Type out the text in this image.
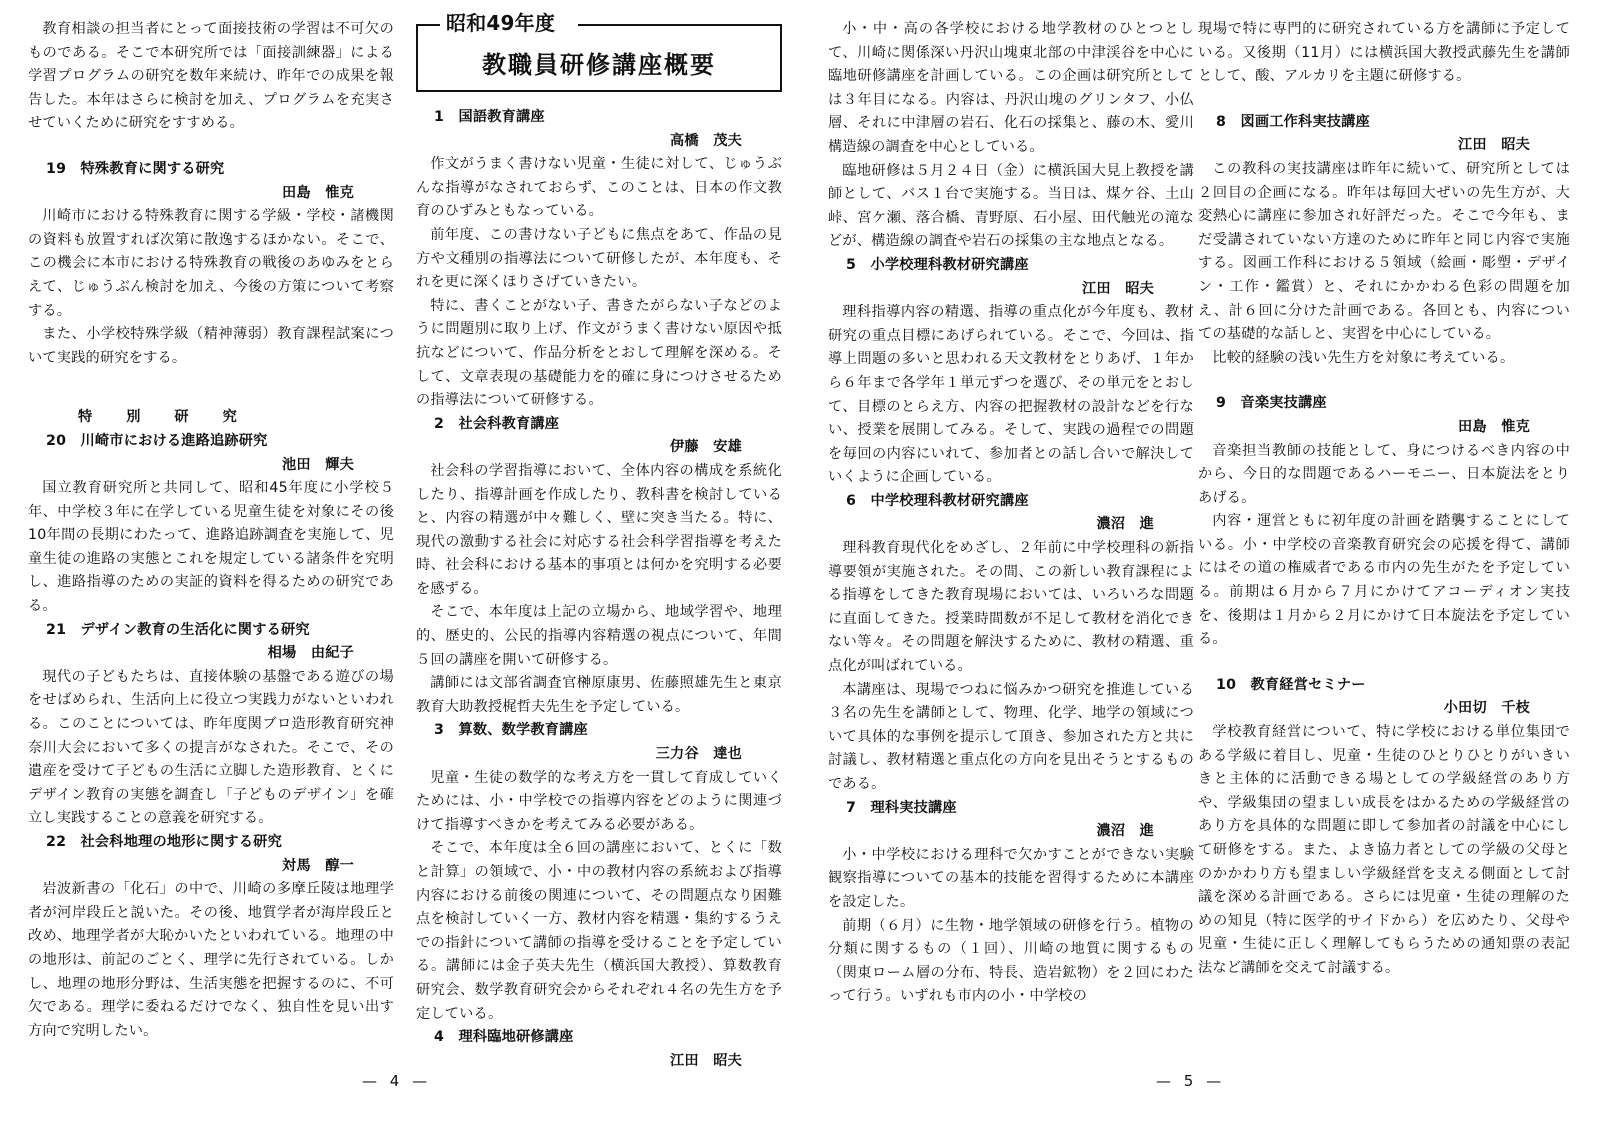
教育相談の担当者にとって面接技術の学習は不可欠のものである。そこで本研究所では「面接訓練器」による学習プログラムの研究を数年来続け、昨年での成果を報告した。本年はさらに検討を加え、プログラムを充実させていくために研究をすすめる。

19　特殊教育に関する研究

田島　惟克

川崎市における特殊教育に関する学級・学校・諸機関の資料も放置すれば次第に散逸するほかない。そこで、この機会に本市における特殊教育の戦後のあゆみをとらえて、じゅうぶん検討を加え、今後の方策について考察する。

また、小学校特殊学級（精神薄弱）教育課程試案について実践的研究をする。

特別研究

20　川崎市における進路追跡研究

池田　輝夫

国立教育研究所と共同して、昭和45年度に小学校５年、中学校３年に在学している児童生徒を対象にその後10年間の長期にわたって、進路追跡調査を実施して、児童生徒の進路の実態とこれを規定している諸条件を究明し、進路指導のための実証的資料を得るための研究である。

21　デザイン教育の生活化に関する研究

相場　由紀子

現代の子どもたちは、直接体験の基盤である遊びの場をせばめられ、生活向上に役立つ実践力がないといわれる。このことについては、昨年度関ブロ造形教育研究神奈川大会において多くの提言がなされた。そこで、その遺産を受けて子どもの生活に立脚した造形教育、とくにデザイン教育の実態を調査し「子どものデザイン」を確立し実践することの意義を研究する。

22　社会科地理の地形に関する研究

対馬　醇一

岩波新書の「化石」の中で、川崎の多摩丘陵は地理学者が河岸段丘と説いた。その後、地質学者が海岸段丘と改め、地理学者が大恥かいたといわれている。地理の中の地形は、前記のごとく、理学に先行されている。しかし、地理の地形分野は、生活実態を把握するのに、不可欠である。理学に委ねるだけでなく、独自性を見い出す方向で究明したい。

昭和49年度
教職員研修講座概要

1　国語教育講座

高橋　茂夫

作文がうまく書けない児童・生徒に対して、じゅうぶんな指導がなされておらず、このことは、日本の作文教育のひずみともなっている。

前年度、この書けない子どもに焦点をあて、作品の見方や文種別の指導法について研修したが、本年度も、それを更に深くほりさげていきたい。

特に、書くことがない子、書きたがらない子などのように問題別に取り上げ、作文がうまく書けない原因や抵抗などについて、作品分析をとおして理解を深める。そして、文章表現の基礎能力を的確に身につけさせるための指導法について研修する。

2　社会科教育講座

伊藤　安雄

社会科の学習指導において、全体内容の構成を系統化したり、指導計画を作成したり、教科書を検討していると、内容の精選が中々難しく、壁に突き当たる。特に、現代の激動する社会に対応する社会科学習指導を考えた時、社会科における基本的事項とは何かを究明する必要を感ずる。

そこで、本年度は上記の立場から、地域学習や、地理的、歴史的、公民的指導内容精選の視点について、年間５回の講座を開いて研修する。

講師には文部省調査官榊原康男、佐藤照雄先生と東京教育大助教授梶哲夫先生を予定している。

3　算数、数学教育講座

三力谷　達也

児童・生徒の数学的な考え方を一貫して育成していくためには、小・中学校での指導内容をどのように関連づけて指導すべきかを考えてみる必要がある。

そこで、本年度は全６回の講座において、とくに「数と計算」の領域で、小・中の教材内容の系統および指導内容における前後の関連について、その問題点なり困難点を検討していく一方、教材内容を精選・集約するうえでの指針について講師の指導を受けることを予定している。講師には金子英夫先生（横浜国大教授）、算数教育研究会、数学教育研究会からそれぞれ４名の先生方を予定している。

4　理科臨地研修講座

江田　昭夫

— 4 —

小・中・高の各学校における地学教材のひとつとして、川崎に関係深い丹沢山塊東北部の中津渓谷を中心に臨地研修講座を計画している。この企画は研究所としては３年目になる。内容は、丹沢山塊のグリンタフ、小仏層、それに中津層の岩石、化石の採集と、藤の木、愛川構造線の調査を中心としている。

臨地研修は５月２４日（金）に横浜国大見上教授を講師として、バス１台で実施する。当日は、煤ケ谷、土山峠、宮ケ瀬、落合橋、青野原、石小屋、田代触光の滝などが、構造線の調査や岩石の採集の主な地点となる。

5　小学校理科教材研究講座

江田　昭夫

理科指導内容の精選、指導の重点化が今年度も、教材研究の重点目標にあげられている。そこで、今回は、指導上問題の多いと思われる天文教材をとりあげ、１年から６年まで各学年１単元ずつを選び、その単元をとおして、目標のとらえ方、内容の把握教材の設計などを行ない、授業を展開してみる。そして、実践の過程での問題を毎回の内容にいれて、参加者との話し合いで解決していくように企画している。

6　中学校理科教材研究講座

濃沼　進

理科教育現代化をめざし、２年前に中学校理科の新指導要領が実施された。その間、この新しい教育課程による指導をしてきた教育現場においては、いろいろな問題に直面してきた。授業時間数が不足して教材を消化できない等々。その問題を解決するために、教材の精選、重点化が叫ばれている。

本講座は、現場でつねに悩みかつ研究を推進している３名の先生を講師として、物理、化学、地学の領域について具体的な事例を提示して頂き、参加された方と共に討議し、教材精選と重点化の方向を見出そうとするものである。

7　理科実技講座

濃沼　進

小・中学校における理科で欠かすことができない実験観察指導についての基本的技能を習得するために本講座を設定した。

前期（６月）に生物・地学領域の研修を行う。植物の分類に関するもの（１回）、川崎の地質に関するもの（関東ローム層の分布、特長、造岩鉱物）を２回にわたって行う。いずれも市内の小・中学校の

現場で特に専門的に研究されている方を講師に予定している。又後期（11月）には横浜国大教授武藤先生を講師として、酸、アルカリを主題に研修する。

8　図画工作科実技講座

江田　昭夫

この教科の実技講座は昨年に続いて、研究所としては２回目の企画になる。昨年は毎回大ぜいの先生方が、大変熱心に講座に参加され好評だった。そこで今年も、まだ受講されていない方達のために昨年と同じ内容で実施する。図画工作科における５領域（絵画・彫塑・デザイン・工作・鑑賞）と、それにかかわる色彩の問題を加え、計６回に分けた計画である。各回とも、内容についての基礎的な話しと、実習を中心にしている。

比較的経験の浅い先生方を対象に考えている。

9　音楽実技講座

田島　惟克

音楽担当教師の技能として、身につけるべき内容の中から、今日的な問題であるハーモニー、日本旋法をとりあげる。

内容・運営ともに初年度の計画を踏襲することにしている。小・中学校の音楽教育研究会の応援を得て、講師にはその道の権威者である市内の先生がたを予定している。前期は６月から７月にかけてアコーディオン実技を、後期は１月から２月にかけて日本旋法を予定している。

10　教育経営セミナー

小田切　千枝

学校教育経営について、特に学校における単位集団である学級に着目し、児童・生徒のひとりひとりがいきいきと主体的に活動できる場としての学級経営のあり方や、学級集団の望ましい成長をはかるための学級経営のあり方を具体的な問題に即して参加者の討議を中心にして研修をする。また、よき協力者としての学級の父母とのかかわり方も望ましい学級経営を支える側面として討議を深める計画である。さらには児童・生徒の理解のための知見（特に医学的サイドから）を広めたり、父母や児童・生徒に正しく理解してもらうための通知票の表記法など講師を交えて討議する。

— 5 —
